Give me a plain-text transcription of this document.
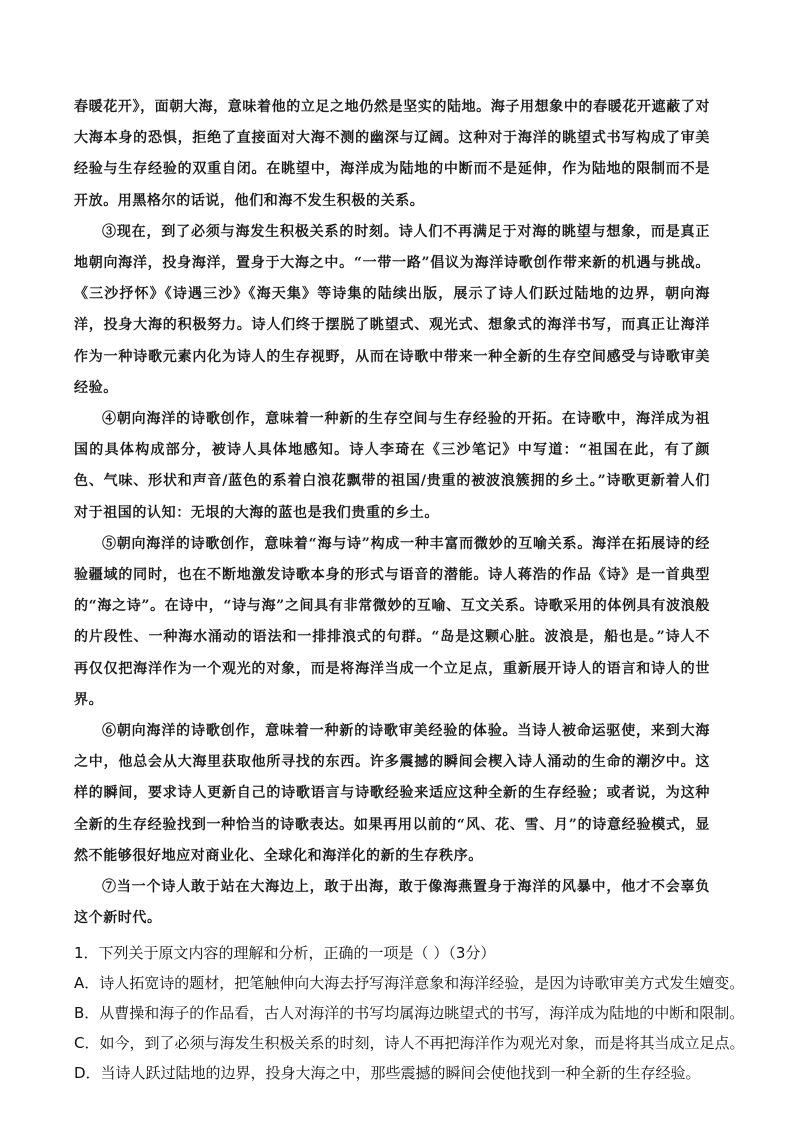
春暖花开》，面朝大海，意味着他的立足之地仍然是坚实的陆地。海子用想象中的春暖花开遮蔽了对大海本身的恐惧，拒绝了直接面对大海不测的幽深与辽阔。这种对于海洋的眺望式书写构成了审美经验与生存经验的双重自闭。在眺望中，海洋成为陆地的中断而不是延伸，作为陆地的限制而不是开放。用黑格尔的话说，他们和海不发生积极的关系。

③现在，到了必须与海发生积极关系的时刻。诗人们不再满足于对海的眺望与想象，而是真正地朝向海洋，投身海洋，置身于大海之中。“一带一路”倡议为海洋诗歌创作带来新的机遇与挑战。《三沙抒怀》《诗遇三沙》《海天集》等诗集的陆续出版，展示了诗人们跃过陆地的边界，朝向海洋，投身大海的积极努力。诗人们终于摆脱了眺望式、观光式、想象式的海洋书写，而真正让海洋作为一种诗歌元素内化为诗人的生存视野，从而在诗歌中带来一种全新的生存空间感受与诗歌审美经验。

④朝向海洋的诗歌创作，意味着一种新的生存空间与生存经验的开拓。在诗歌中，海洋成为祖国的具体构成部分，被诗人具体地感知。诗人李琦在《三沙笔记》中写道：“祖国在此，有了颜色、气味、形状和声音/蓝色的系着白浪花飘带的祖国/贵重的被波浪簇拥的乡土。”诗歌更新着人们对于祖国的认知：无垠的大海的蓝也是我们贵重的乡土。

⑤朝向海洋的诗歌创作，意味着“海与诗”构成一种丰富而微妙的互喻关系。海洋在拓展诗的经验疆域的同时，也在不断地激发诗歌本身的形式与语音的潜能。诗人蒋浩的作品《诗》是一首典型的“海之诗”。在诗中，“诗与海”之间具有非常微妙的互喻、互文关系。诗歌采用的体例具有波浪般的片段性、一种海水涌动的语法和一排排浪式的句群。“岛是这颗心脏。波浪是，船也是。”诗人不再仅仅把海洋作为一个观光的对象，而是将海洋当成一个立足点，重新展开诗人的语言和诗人的世界。

⑥朝向海洋的诗歌创作，意味着一种新的诗歌审美经验的体验。当诗人被命运驱使，来到大海之中，他总会从大海里获取他所寻找的东西。许多震撼的瞬间会楔入诗人涌动的生命的潮汐中。这样的瞬间，要求诗人更新自己的诗歌语言与诗歌经验来适应这种全新的生存经验；或者说，为这种全新的生存经验找到一种恰当的诗歌表达。如果再用以前的“风、花、雪、月”的诗意经验模式，显然不能够很好地应对商业化、全球化和海洋化的新的生存秩序。

⑦当一个诗人敢于站在大海边上，敢于出海，敢于像海燕置身于海洋的风暴中，他才不会辜负这个新时代。

1．下列关于原文内容的理解和分析，正确的一项是（ ）（3分）

A．诗人拓宽诗的题材，把笔触伸向大海去抒写海洋意象和海洋经验，是因为诗歌审美方式发生嬗变。

B．从曹操和海子的作品看，古人对海洋的书写均属海边眺望式的书写，海洋成为陆地的中断和限制。

C．如今，到了必须与海发生积极关系的时刻，诗人不再把海洋作为观光对象，而是将其当成立足点。

D．当诗人跃过陆地的边界，投身大海之中，那些震撼的瞬间会使他找到一种全新的生存经验。
